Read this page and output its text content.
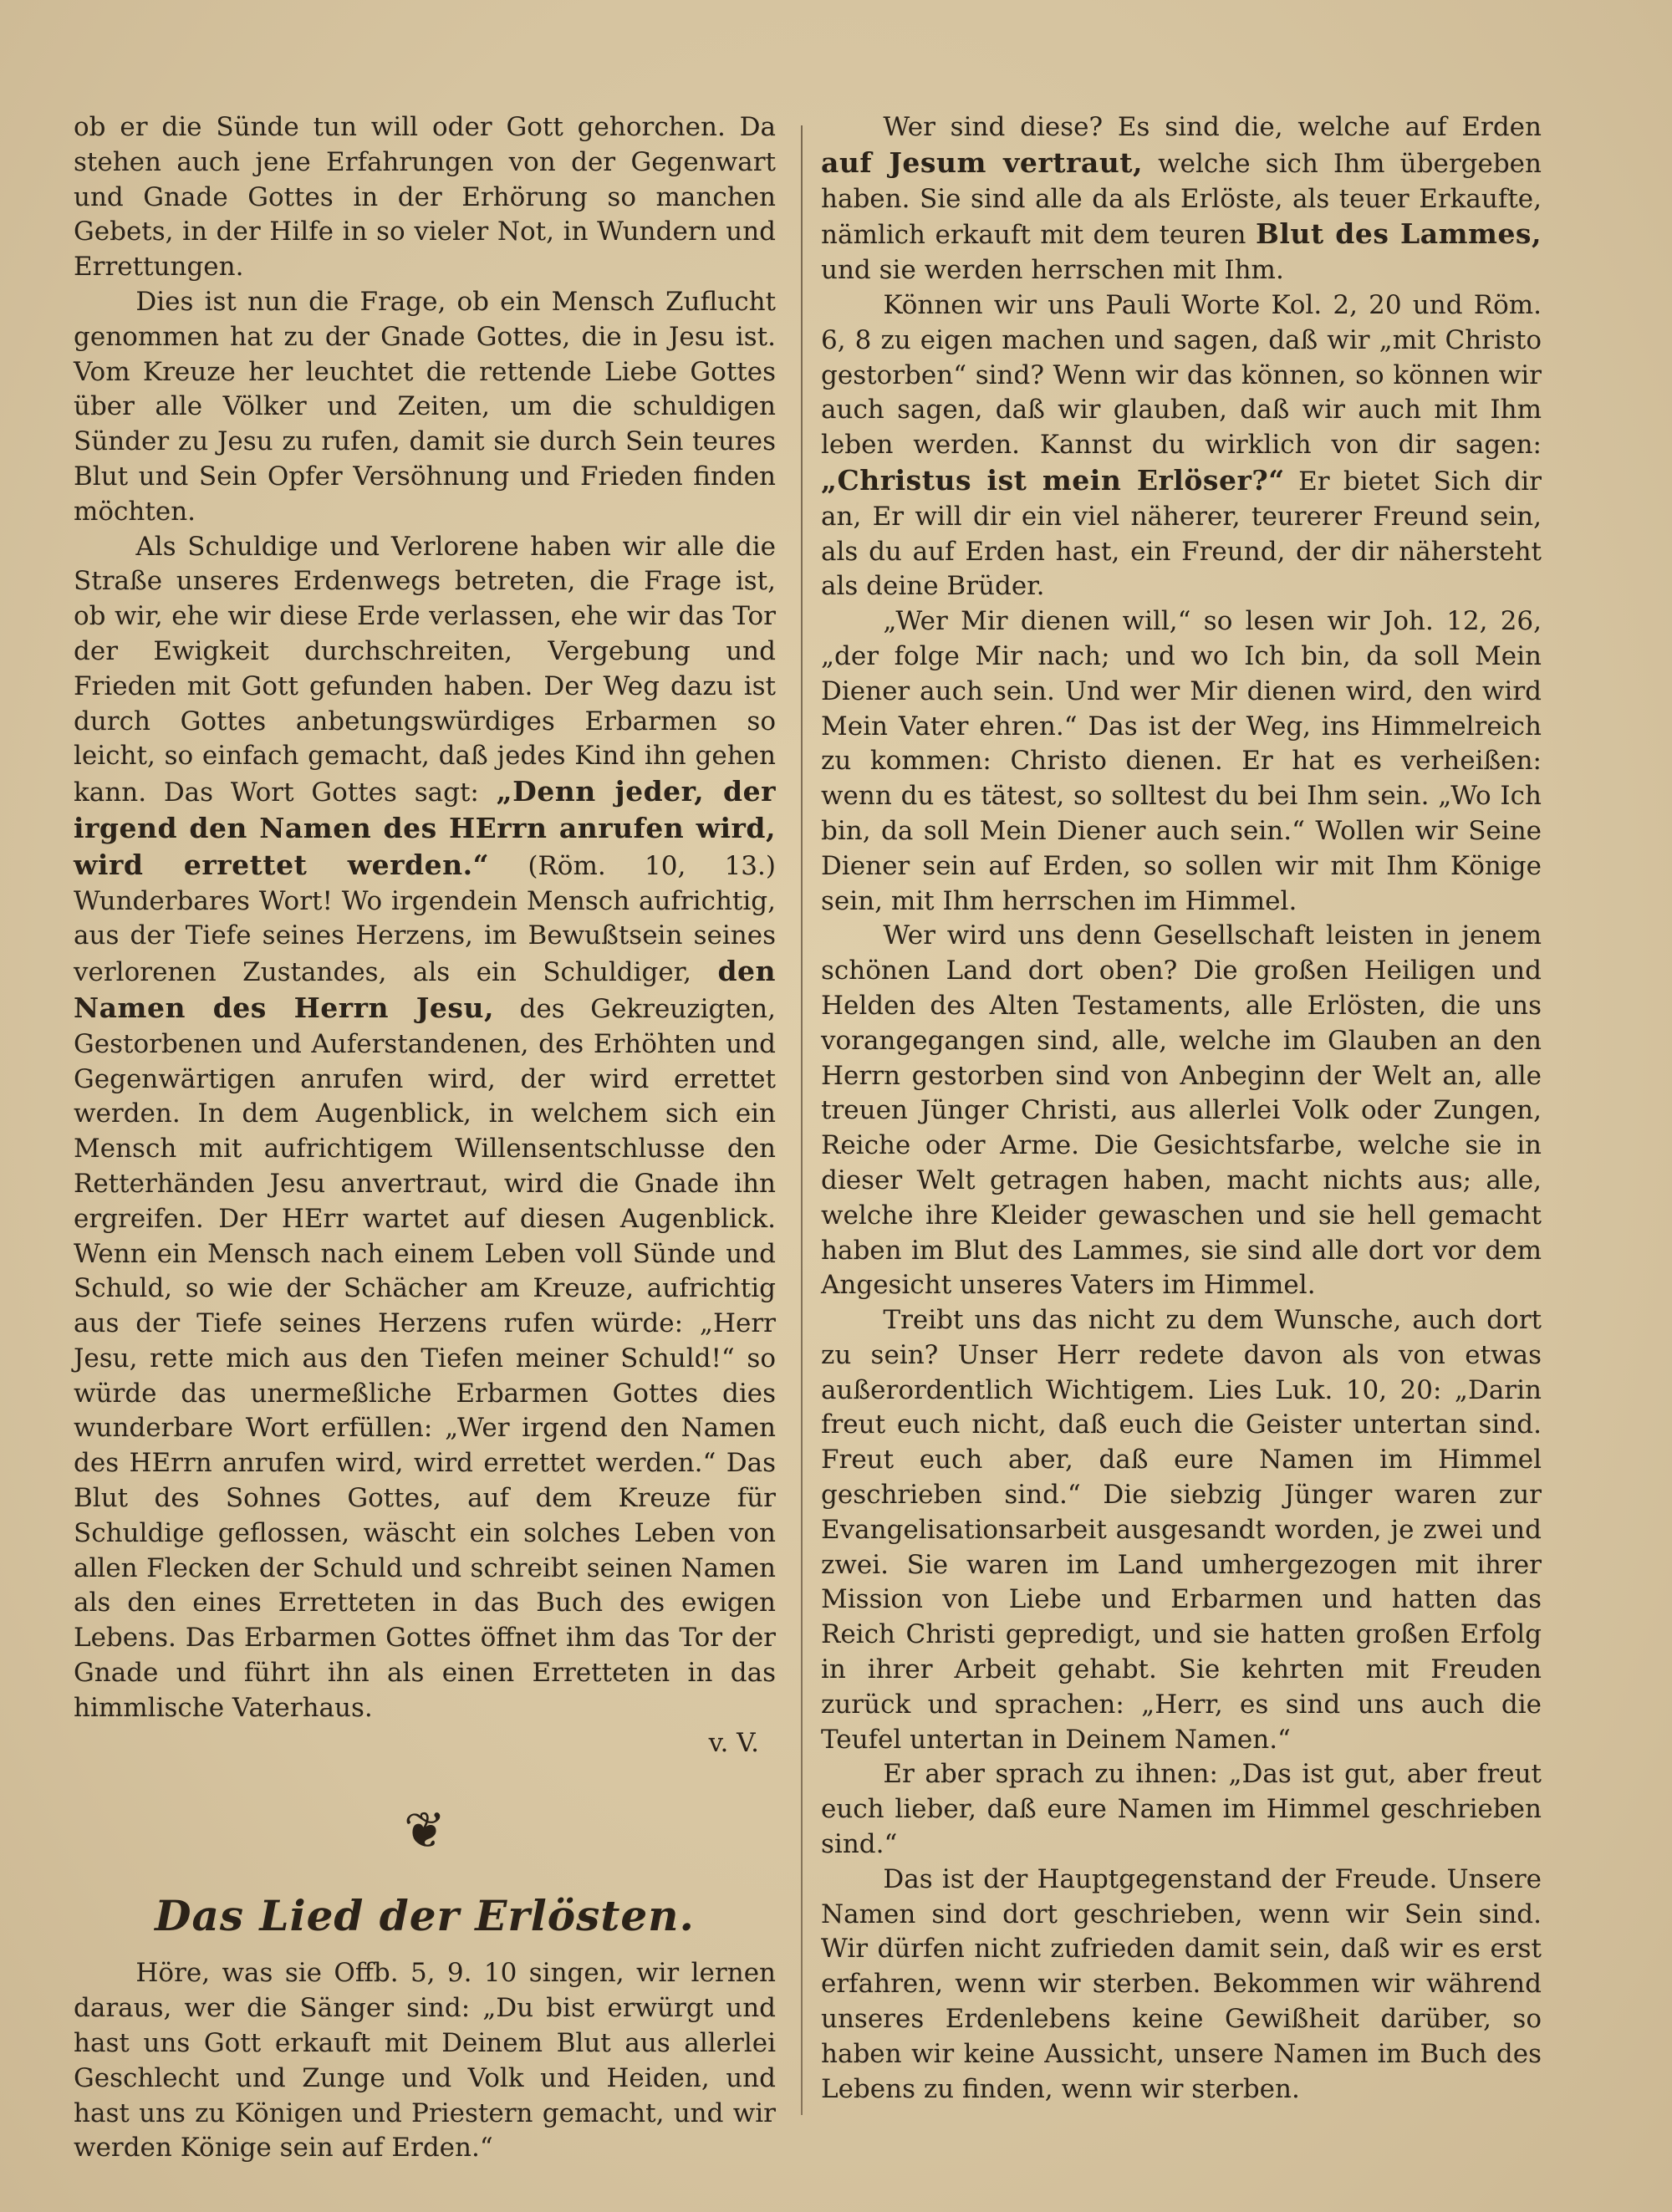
ob er die Sünde tun will oder Gott gehorchen. Da stehen auch jene Erfahrungen von der Gegenwart und Gnade Gottes in der Erhörung so manchen Gebets, in der Hilfe in so vieler Not, in Wundern und Errettungen.

Dies ist nun die Frage, ob ein Mensch Zuflucht genommen hat zu der Gnade Gottes, die in Jesu ist. Vom Kreuze her leuchtet die rettende Liebe Gottes über alle Völker und Zeiten, um die schuldigen Sünder zu Jesu zu rufen, damit sie durch Sein teures Blut und Sein Opfer Versöhnung und Frieden finden möchten.

Als Schuldige und Verlorene haben wir alle die Straße unseres Erdenwegs betreten, die Frage ist, ob wir, ehe wir diese Erde verlassen, ehe wir das Tor der Ewigkeit durchschreiten, Vergebung und Frieden mit Gott gefunden haben. Der Weg dazu ist durch Gottes anbetungswürdiges Erbarmen so leicht, so einfach gemacht, daß jedes Kind ihn gehen kann. Das Wort Gottes sagt: „Denn jeder, der irgend den Namen des HErrn anrufen wird, wird errettet werden.“ (Röm. 10, 13.) Wunderbares Wort! Wo irgendein Mensch aufrichtig, aus der Tiefe seines Herzens, im Bewußtsein seines verlorenen Zustandes, als ein Schuldiger, den Namen des Herrn Jesu, des Gekreuzigten, Gestorbenen und Auferstandenen, des Erhöhten und Gegenwärtigen anrufen wird, der wird errettet werden. In dem Augenblick, in welchem sich ein Mensch mit aufrichtigem Willensentschlusse den Retterhänden Jesu anvertraut, wird die Gnade ihn ergreifen. Der HErr wartet auf diesen Augenblick. Wenn ein Mensch nach einem Leben voll Sünde und Schuld, so wie der Schächer am Kreuze, aufrichtig aus der Tiefe seines Herzens rufen würde: „Herr Jesu, rette mich aus den Tiefen meiner Schuld!“ so würde das unermeßliche Erbarmen Gottes dies wunderbare Wort erfüllen: „Wer irgend den Namen des HErrn anrufen wird, wird errettet werden.“ Das Blut des Sohnes Gottes, auf dem Kreuze für Schuldige geflossen, wäscht ein solches Leben von allen Flecken der Schuld und schreibt seinen Namen als den eines Erretteten in das Buch des ewigen Lebens. Das Erbarmen Gottes öffnet ihm das Tor der Gnade und führt ihn als einen Erretteten in das himmlische Vaterhaus.

v. V.

❦
Das Lied der Erlösten.

Höre, was sie Offb. 5, 9. 10 singen, wir lernen daraus, wer die Sänger sind: „Du bist erwürgt und hast uns Gott erkauft mit Deinem Blut aus allerlei Geschlecht und Zunge und Volk und Heiden, und hast uns zu Königen und Priestern gemacht, und wir werden Könige sein auf Erden.“

Wer sind diese? Es sind die, welche auf Erden auf Jesum vertraut, welche sich Ihm übergeben haben. Sie sind alle da als Erlöste, als teuer Erkaufte, nämlich erkauft mit dem teuren Blut des Lammes, und sie werden herrschen mit Ihm.

Können wir uns Pauli Worte Kol. 2, 20 und Röm. 6, 8 zu eigen machen und sagen, daß wir „mit Christo gestorben“ sind? Wenn wir das können, so können wir auch sagen, daß wir glauben, daß wir auch mit Ihm leben werden. Kannst du wirklich von dir sagen: „Christus ist mein Erlöser?“ Er bietet Sich dir an, Er will dir ein viel näherer, teurerer Freund sein, als du auf Erden hast, ein Freund, der dir nähersteht als deine Brüder.

„Wer Mir dienen will,“ so lesen wir Joh. 12, 26, „der folge Mir nach; und wo Ich bin, da soll Mein Diener auch sein. Und wer Mir dienen wird, den wird Mein Vater ehren.“ Das ist der Weg, ins Himmelreich zu kommen: Christo dienen. Er hat es verheißen: wenn du es tätest, so solltest du bei Ihm sein. „Wo Ich bin, da soll Mein Diener auch sein.“ Wollen wir Seine Diener sein auf Erden, so sollen wir mit Ihm Könige sein, mit Ihm herrschen im Himmel.

Wer wird uns denn Gesellschaft leisten in jenem schönen Land dort oben? Die großen Heiligen und Helden des Alten Testaments, alle Erlösten, die uns vorangegangen sind, alle, welche im Glauben an den Herrn gestorben sind von Anbeginn der Welt an, alle treuen Jünger Christi, aus allerlei Volk oder Zungen, Reiche oder Arme. Die Gesichtsfarbe, welche sie in dieser Welt getragen haben, macht nichts aus; alle, welche ihre Kleider gewaschen und sie hell gemacht haben im Blut des Lammes, sie sind alle dort vor dem Angesicht unseres Vaters im Himmel.

Treibt uns das nicht zu dem Wunsche, auch dort zu sein? Unser Herr redete davon als von etwas außerordentlich Wichtigem. Lies Luk. 10, 20: „Darin freut euch nicht, daß euch die Geister untertan sind. Freut euch aber, daß eure Namen im Himmel geschrieben sind.“ Die siebzig Jünger waren zur Evangelisationsarbeit ausgesandt worden, je zwei und zwei. Sie waren im Land umhergezogen mit ihrer Mission von Liebe und Erbarmen und hatten das Reich Christi gepredigt, und sie hatten großen Erfolg in ihrer Arbeit gehabt. Sie kehrten mit Freuden zurück und sprachen: „Herr, es sind uns auch die Teufel untertan in Deinem Namen.“

Er aber sprach zu ihnen: „Das ist gut, aber freut euch lieber, daß eure Namen im Himmel geschrieben sind.“

Das ist der Hauptgegenstand der Freude. Unsere Namen sind dort geschrieben, wenn wir Sein sind. Wir dürfen nicht zufrieden damit sein, daß wir es erst erfahren, wenn wir sterben. Bekommen wir während unseres Erdenlebens keine Gewißheit darüber, so haben wir keine Aussicht, unsere Namen im Buch des Lebens zu finden, wenn wir sterben.
